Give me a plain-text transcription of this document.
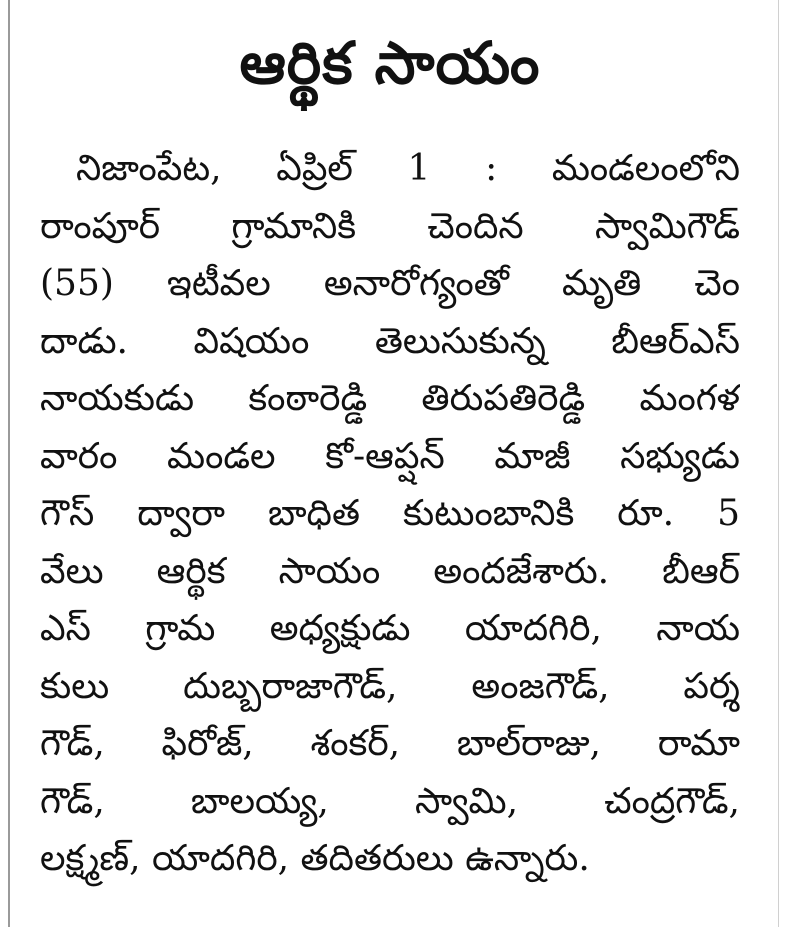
ఆర్థిక సాయం
నిజాంపేట, ఏప్రిల్ 1 : మండలంలోని
రాంపూర్ గ్రామానికి చెందిన స్వామిగౌడ్
(55) ఇటీవల అనారోగ్యంతో మృతి చెం
దాడు. విషయం తెలుసుకున్న బీఆర్ఎస్
నాయకుడు కంఠారెడ్డి తిరుపతిరెడ్డి మంగళ
వారం మండల కో-ఆప్షన్ మాజీ సభ్యుడు
గౌస్ ద్వారా బాధిత కుటుంబానికి రూ. 5
వేలు ఆర్థిక సాయం అందజేశారు. బీఆర్
ఎస్ గ్రామ అధ్యక్షుడు యాదగిరి, నాయ
కులు దుబ్బరాజాగౌడ్, అంజగౌడ్, పర్శ
గౌడ్, ఫిరోజ్, శంకర్, బాల్‌రాజు, రామా
గౌడ్, బాలయ్య, స్వామి, చంద్రగౌడ్,
లక్ష్మణ్, యాదగిరి, తదితరులు ఉన్నారు.
